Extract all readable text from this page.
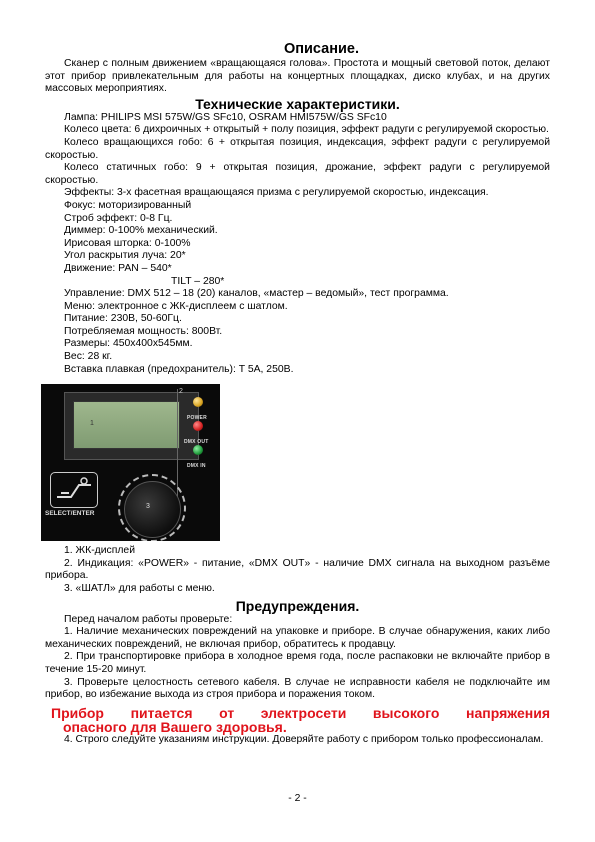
Описание.

Сканер с полным движением «вращающаяся голова». Простота и мощный световой поток, делают этот прибор привлекательным для работы на концертных площадках, диско клубах, и на других массовых мероприятиях.

Технические характеристики.

Лампа: PHILIPS MSI 575W/GS SFc10, OSRAM HMI575W/GS SFc10

Колесо цвета: 6 дихроичных + открытый + полу позиция, эффект радуги с регулируемой скоростью.

Колесо вращающихся гобо: 6 + открытая позиция, индексация, эффект радуги с регулируемой скоростью.

Колесо статичных гобо: 9 + открытая позиция, дрожание, эффект радуги с регулируемой скоростью.

Эффекты: 3-х фасетная вращающаяся призма с регулируемой скоростью, индексация.

Фокус: моторизированный

Строб эффект: 0-8 Гц.

Диммер: 0-100% механический.

Ирисовая шторка: 0-100%

Угол раскрытия луча: 20*

Движение: PAN – 540*

TILT – 280*

Управление: DMX 512 – 18 (20) каналов, «мастер – ведомый», тест программа.

Меню: электронное с ЖК-дисплеем с шатлом.

Питание: 230В, 50-60Гц.

Потребляемая мощность: 800Вт.

Размеры: 450х400х545мм.

Вес: 28 кг.

Вставка плавкая (предохранитель): T 5A, 250B.

1
2
POWER
DMX OUT
DMX IN
SELECT/ENTER
3
1. ЖК-дисплей
2. Индикация: «POWER» - питание, «DMX OUT» - наличие DMX сигнала на выходном разъёме прибора.
3. «ШАТЛ» для работы с меню.
Предупреждения.

Перед началом работы проверьте:

1. Наличие механических повреждений на упаковке и приборе. В случае обнаружения, каких либо механических повреждений, не включая прибор, обратитесь к продавцу.

2. При транспортировке прибора в холодное время года, после распаковки не включайте прибор в течение 15-20 минут.

3. Проверьте целостность сетевого кабеля. В случае не исправности кабеля не подключайте им прибор, во избежание выхода из строя прибора и поражения током.

Прибор питается от электросети высокого напряжения
опасного для Вашего здоровья.

4. Строго следуйте указаниям инструкции. Доверяйте работу с прибором только профессионалам.

- 2 -
